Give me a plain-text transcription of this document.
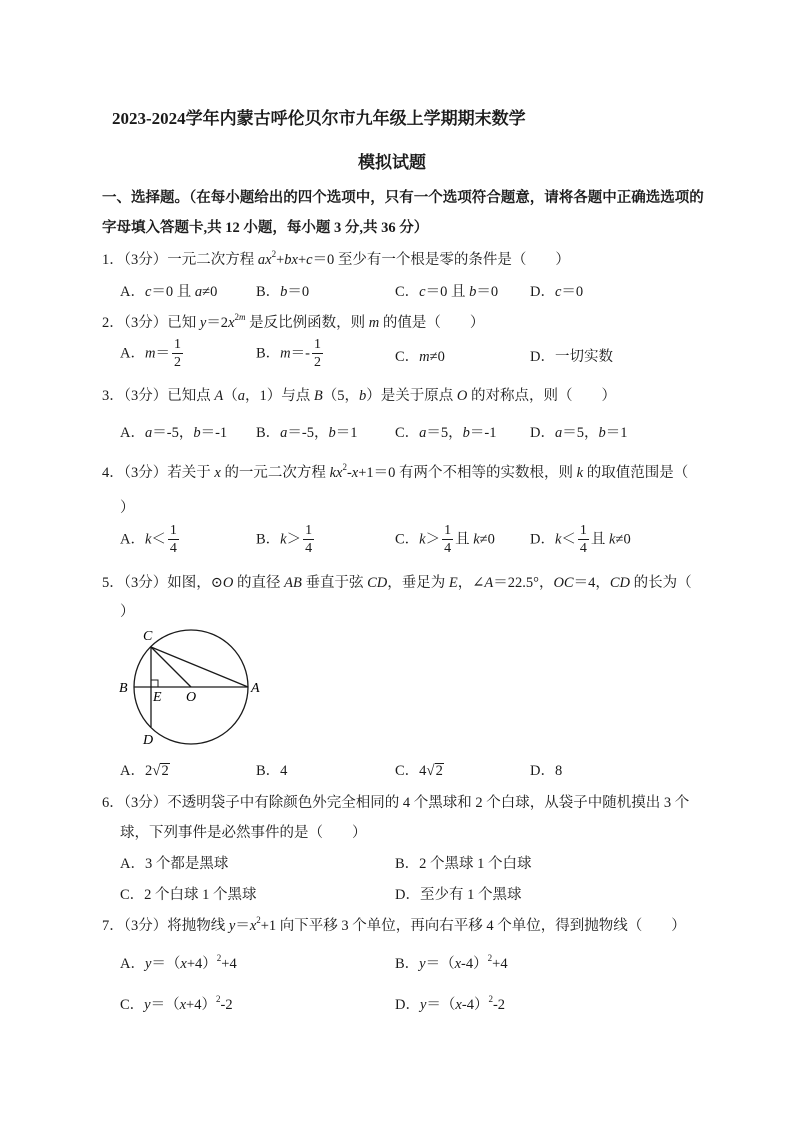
2023-2024学年内蒙古呼伦贝尔市九年级上学期期末数学
模拟试题
一、选择题。（在每小题给出的四个选项中，只有一个选项符合题意，请将各题中正确选选项的
字母填入答题卡,共 12 小题，每小题 3 分,共 36 分）
1．（3分）一元二次方程 $ax^2+bx+c=0$ 至少有一个根是零的条件是（　　）
A．c＝0 且 a≠0	B．b＝0	C．c＝0 且 b＝0 D．c＝0
2．（3分）已知 $y=2x^{2m}$ 是反比例函数，则 m 的值是（　　）
A．$m= \frac{1}{2}$	B．$m=- \frac{1}{2}$	C．m≠0	D．一切实数
3．（3分）已知点 A（a，1）与点 B（5，b）是关于原点 O 的对称点，则（　　）
A．a＝-5，b＝-1 B．a＝-5，b＝1	C．a＝5，b＝-1 D．a＝5，b＝1
4．（3分）若关于 x 的一元二次方程 $kx^2-x+1=0$ 有两个不相等的实数根，则 k 的取值范围是（
）
A．$k< \frac{1}{4}$	B．$k> \frac{1}{4}$	C．$k> \frac{1}{4}$ 且 k≠0 D．$k< \frac{1}{4}$ 且 k≠0
5．（3分）如图，⊙O 的直径 AB 垂直于弦 CD，垂足为 E，∠A＝22.5°，OC＝4，CD 的长为（
）
C
B
E O
A
D
A．2√2	B．4	C．4√2	D．8
6．（3分）不透明袋子中有除颜色外完全相同的 4 个黑球和 2 个白球，从袋子中随机摸出 3 个
球，下列事件是必然事件的是（　　）
A．3 个都是黑球	B．2 个黑球 1 个白球
C．2 个白球 1 个黑球	D．至少有 1 个黑球
7．（3分）将抛物线 $y=x^2+1$ 向下平移 3 个单位，再向右平移 4 个单位，得到抛物线（　　）
A．$y=(x+4)^2+4$	B．$y=(x-4)^2+4$
C．$y=(x+4)^2-2$	D．$y=(x-4)^2-2$
